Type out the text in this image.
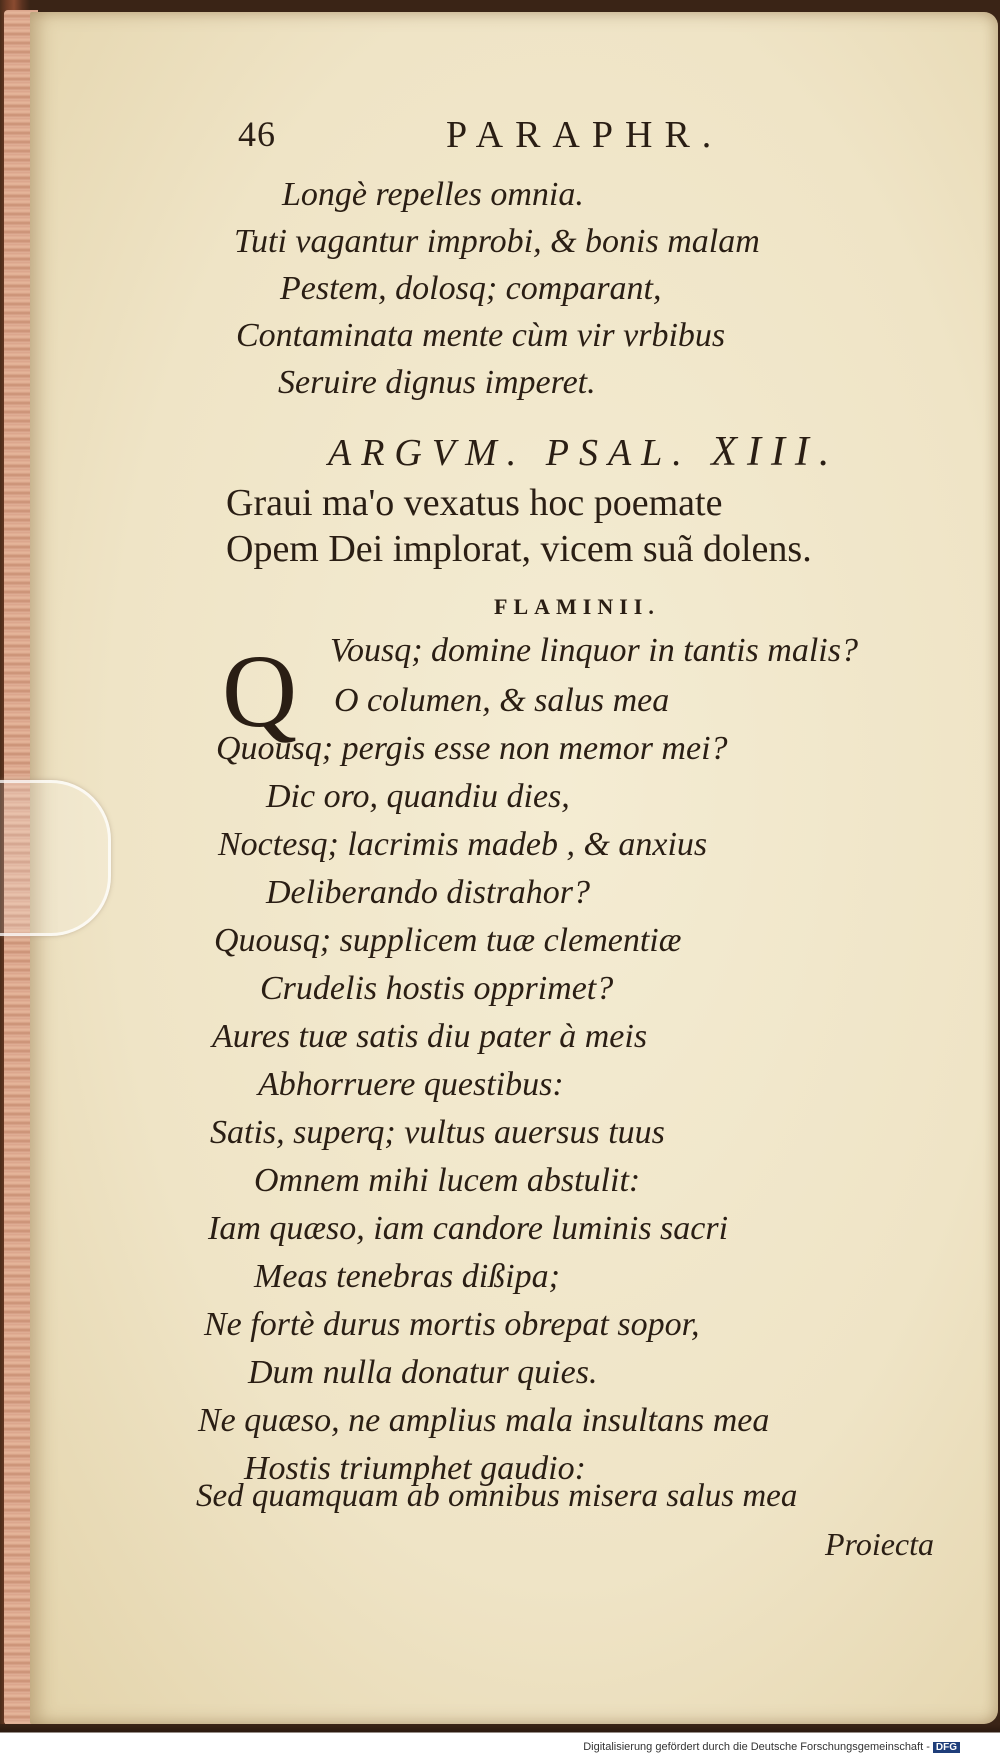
46	PARAPHR.
Longè repelles omnia.
Tuti vagantur improbi, & bonis malam
Pestem, dolosq; comparant,
Contaminata mente cùm vir vrbibus
Seruire dignus imperet.
ARGVM. PSAL. XIII.
Graui ma'o vexatus hoc poemate
Opem Dei implorat, vicem suã dolens.
FLAMINII.
Q Vousq; domine linquor in tantis malis?
O columen, & salus mea
Quousq; pergis esse non memor mei?
Dic oro, quandiu dies,
Noctesq; lacrimis madeb , & anxius
Deliberando distrahor?
Quousq; supplicem tuæ clementiæ
Crudelis hostis opprimet?
Aures tuæ satis diu pater à meis
Abhorruere questibus:
Satis, superq; vultus auersus tuus
Omnem mihi lucem abstulit:
Iam quæso, iam candore luminis sacri
Meas tenebras dißipa;
Ne fortè durus mortis obrepat sopor,
Dum nulla donatur quies.
Ne quæso, ne amplius mala insultans mea
Hostis triumphet gaudio:
Sed quamquam ab omnibus misera salus mea
Proiecta
Digitalisierung gefördert durch die Deutsche Forschungsgemeinschaft - DFG
